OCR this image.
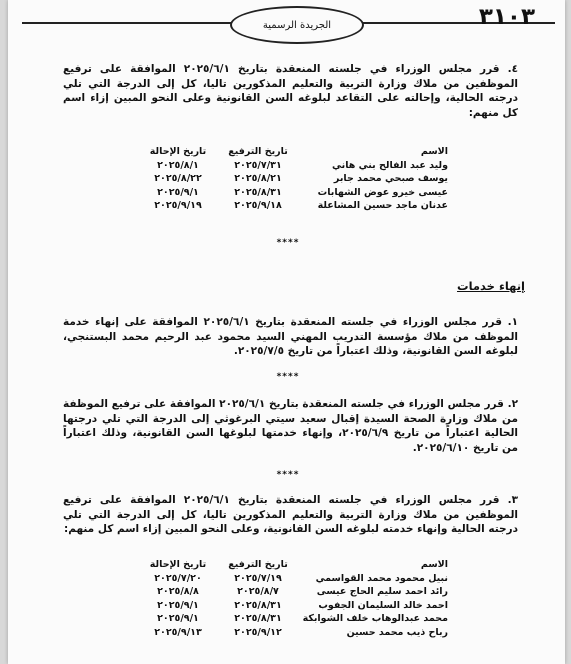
الجريدة الرسمية	٣١٠٣
٤. قرر مجلس الوزراء في جلسته المنعقدة بتاريخ ٢٠٢٥/٦/١ الموافقة على ترفيع الموظفين من ملاك وزارة التربية والتعليم المذكورين تاليا، كل إلى الدرجة التي تلي درجته الحالية، وإحالته على التقاعد لبلوغه السن القانونية وعلى النحو المبين إزاء اسم كل منهم:
الاسم
تاريخ الترفيع
تاريخ الإحالة
وليد عبد الفالح بني هاني
٢٠٢٥/٧/٣١
٢٠٢٥/٨/١
يوسف صبحي محمد جابر
٢٠٢٥/٨/٢١
٢٠٢٥/٨/٢٢
عيسى خيرو عوض الشهابات
٢٠٢٥/٨/٣١
٢٠٢٥/٩/١
عدنان ماجد حسين المشاعلة
٢٠٢٥/٩/١٨
٢٠٢٥/٩/١٩
****
إنهاء خدمات
١. قرر مجلس الوزراء في جلسته المنعقدة بتاريخ ٢٠٢٥/٦/١ الموافقة على إنهاء خدمة الموظف من ملاك مؤسسة التدريب المهني السيد محمود عبد الرحيم محمد البستنجي، لبلوغه السن القانونية، وذلك اعتباراً من تاريخ ٢٠٢٥/٧/٥.
****
٢. قرر مجلس الوزراء في جلسته المنعقدة بتاريخ ٢٠٢٥/٦/١ الموافقة على ترفيع الموظفة من ملاك وزارة الصحة السيدة إقبال سعيد سيتي البرغوثي إلى الدرجة التي تلي درجتها الحالية اعتباراً من تاريخ ٢٠٢٥/٦/٩، وإنهاء خدمتها لبلوغها السن القانونية، وذلك اعتباراً من تاريخ ٢٠٢٥/٦/١٠.
****
٣. قرر مجلس الوزراء في جلسته المنعقدة بتاريخ ٢٠٢٥/٦/١ الموافقة على ترفيع الموظفين من ملاك وزارة التربية والتعليم المذكورين تاليا، كل إلى الدرجة التي تلي درجته الحالية وإنهاء خدمته لبلوغه السن القانونية، وعلى النحو المبين إزاء اسم كل منهم:
الاسم
تاريخ الترفيع
تاريخ الإحالة
نبيل محمود محمد القواسمي
٢٠٢٥/٧/١٩
٢٠٢٥/٧/٢٠
رائد احمد سليم الحاج عيسى
٢٠٢٥/٨/٧
٢٠٢٥/٨/٨
احمد خالد السليمان الجفوب
٢٠٢٥/٨/٣١
٢٠٢٥/٩/١
محمد عبدالوهاب خلف الشوابكة
٢٠٢٥/٨/٣١
٢٠٢٥/٩/١
رباح ذيب محمد حسين
٢٠٢٥/٩/١٢
٢٠٢٥/٩/١٣
